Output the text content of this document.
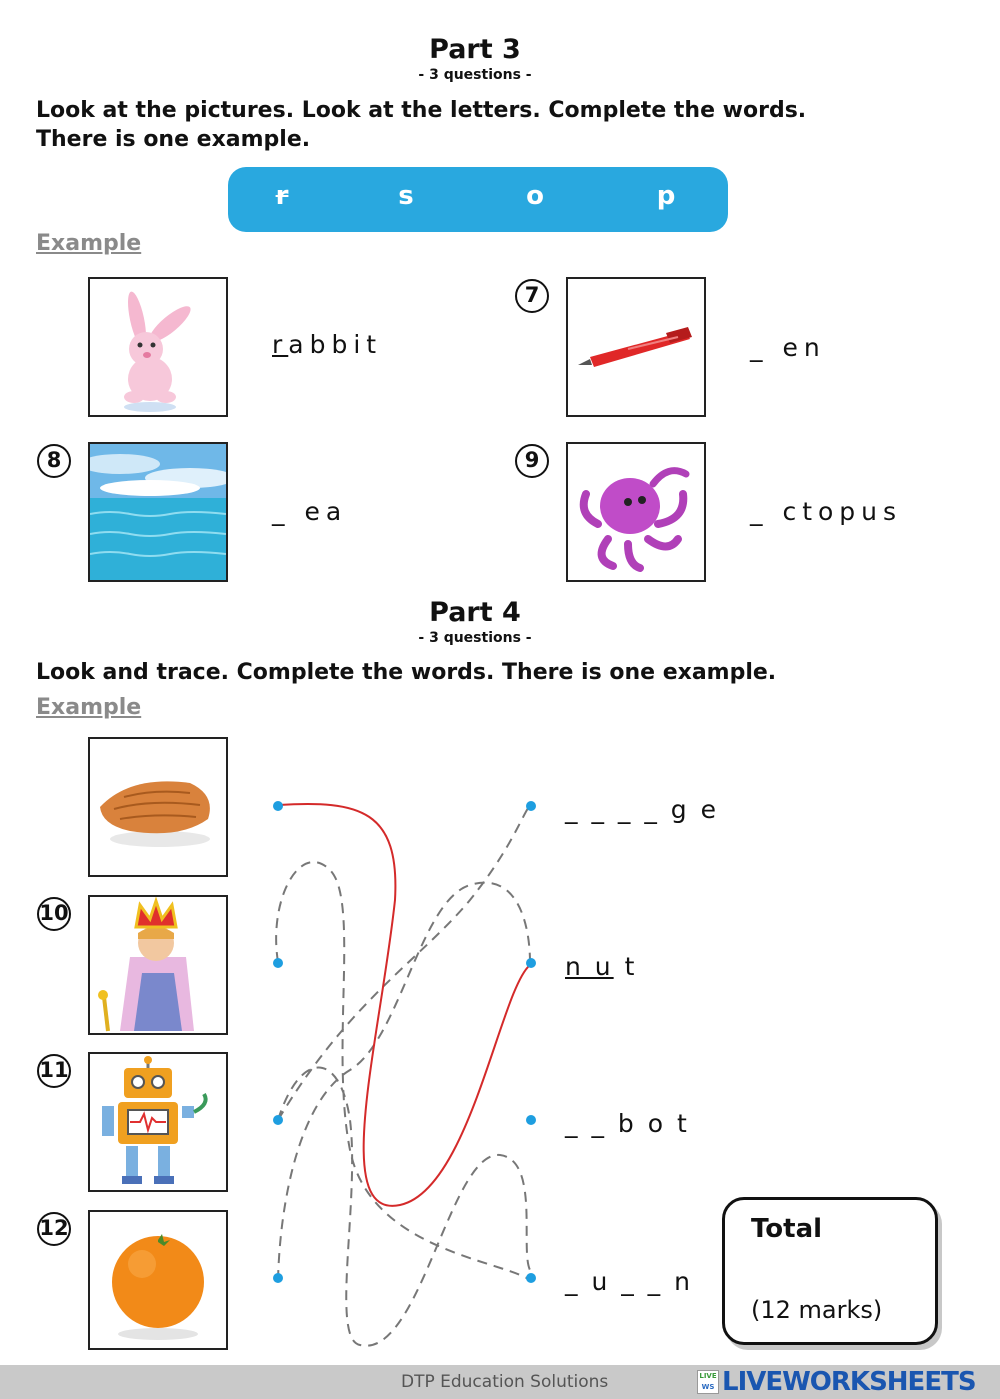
Part 3
- 3 questions -
Look at the pictures. Look at the letters. Complete the words.
There is one example.
r	s	o	p
Example
rabbit
7
_ en
8
_ ea
9
_ ctopus
Part 4
- 3 questions -
Look and trace. Complete the words. There is one example.
Example
10
11
12
_ _ _ _ g e
n u t
_ _ b o t
_ u _ _ n
Total
(12 marks)
DTP Education Solutions	LIVE
WS LIVEWORKSHEETS
